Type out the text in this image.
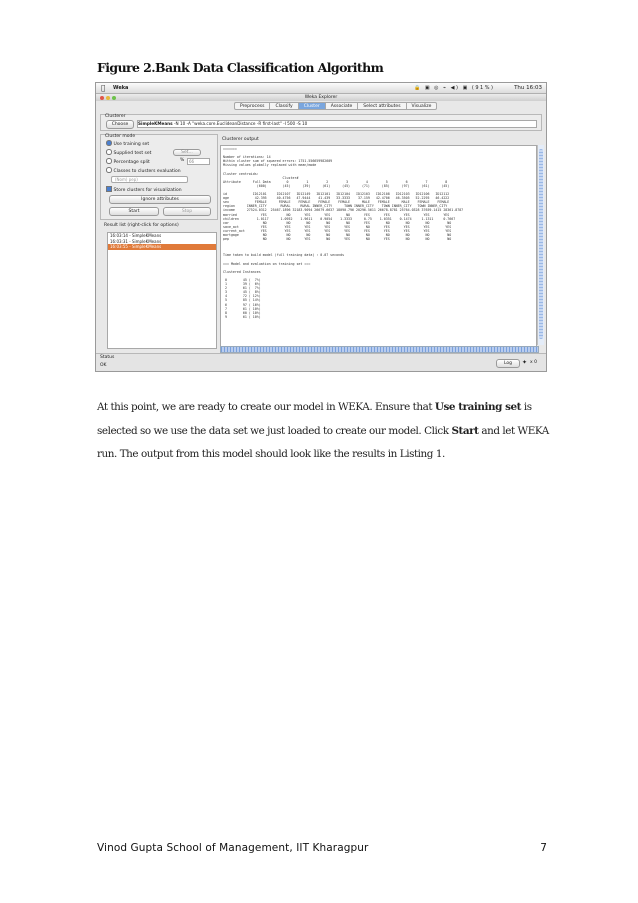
Figure 2.Bank Data Classification Algorithm
Weka	🔒 ▣ ◎ ⌁ ◀) ▣ (91%)	Thu 16:03
Weka Explorer
Preprocess	Classify	Cluster	Associate	Select attributes	Visualize
Clusterer
Choose	SimpleKMeans -N 10 -A "weka.core.EuclideanDistance -R first-last" -I 500 -S 10
Cluster mode
Use training set
Supplied test set	Set...
Percentage split	%	66
Classes to clusters evaluation
(Nom) pep)
Store clusters for visualization
Ignore attributes
Start	Stop
Result list (right-click for options)
16:03:14 - SimpleKMeans
16:03:31 - SimpleKMeans
16:03:55 - SimpleKMeans
Clusterer output
=======

Number of iterations: 14
Within cluster sum of squared errors: 1751.556659982609
Missing values globally replaced with mean/mode

Cluster centroids:
Cluster#
Attribute      Full Data        0         1         2         3         4         5         6         7         8
(600)        (45)      (39)      (61)      (45)      (71)      (85)      (97)      (61)      (45)

id             ID12101     ID12107   ID12149   ID12101   ID12104   ID12103   ID12108   ID12103   ID12106   ID12112
age             42.395     40.4756   47.9444    41.439   33.3333    37.159   42.4706   46.3505   52.2295   46.4222
sex             FEMALE      FEMALE    FEMALE    FEMALE    FEMALE      MALE    FEMALE      MALE    FEMALE    FEMALE
region      INNER_CITY       RURAL     RURAL INNER_CITY      TOWN INNER_CITY    TOWN INNER_CITY   TOWN INNER_CITY
income      27524.0312  25467.1896 32183.9094 26679.6637 18090.796 20296.5611 26678.8781 25764.0328 37659.1415 28361.8787
married            YES          NO       YES       YES        NO       YES       YES       YES       YES       YES
children         1.0117      1.0952    1.9611    0.9054    1.3333      0.75    1.0351    0.1474     1.1311     0.7667
car                 NO          NO        NO        NO        NO       YES        NO        NO        NO         NO
save_act           YES         YES       YES       YES       YES        NO       YES       YES       YES        YES
current_act        YES         YES       YES       YES       YES       YES       YES       YES       YES        YES
mortgage            NO          NO        NO        NO        NO        NO        NO        NO        NO         NO
pep                 NO          NO       YES        NO       YES        NO       YES        NO        NO         NO

Time taken to build model (full training data) : 0.07 seconds

=== Model and evaluation on training set ===

Clustered Instances

0        45 (  7%)
1        39 (  6%)
2        61 (  7%)
3        45 (  8%)
4        72 ( 12%)
5        85 ( 14%)
6        97 ( 16%)
7        61 ( 10%)
8        60 ( 10%)
9        61 ( 10%)
Status
OK	Log	✦ x 0
At this point, we are ready to create our model in WEKA. Ensure that Use training set is
selected so we use the data set we just loaded to create our model. Click Start and let WEKA
run. The output from this model should look like the results in Listing 1.
Vinod Gupta School of Management, IIT Kharagpur	7
